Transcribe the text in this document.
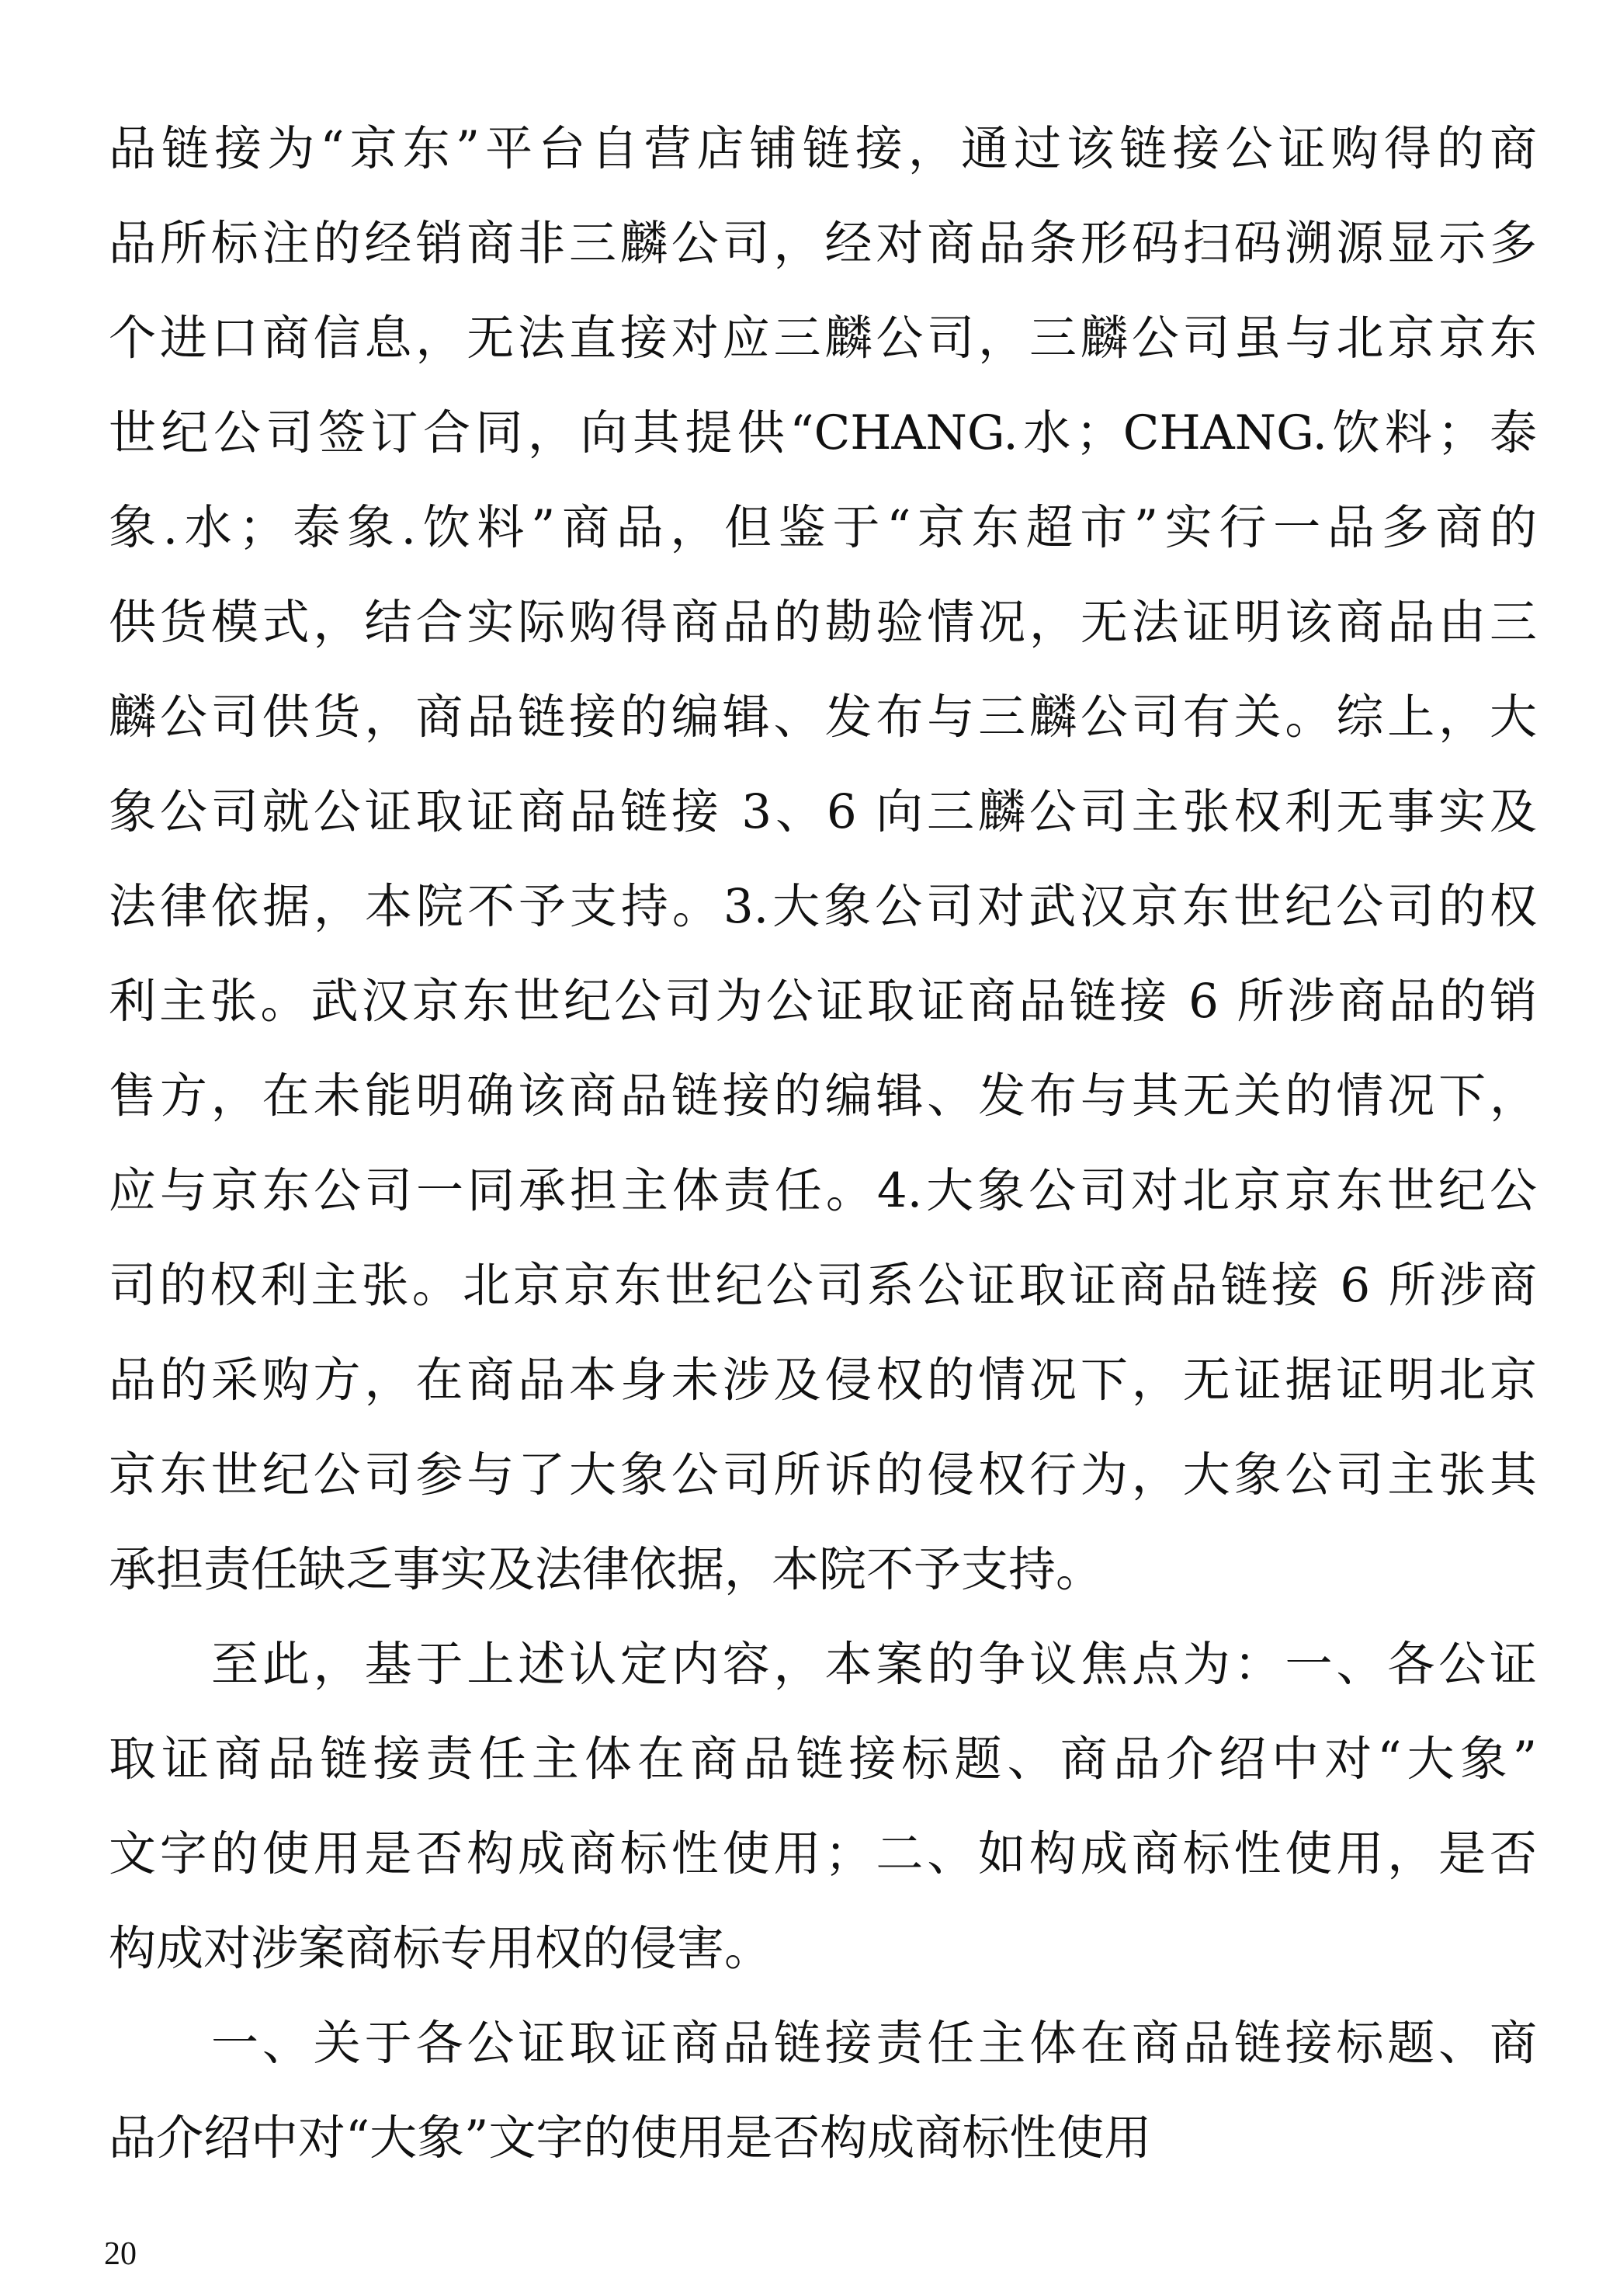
品链接为“京东”平台自营店铺链接，通过该链接公证购得的商
品所标注的经销商非三麟公司，经对商品条形码扫码溯源显示多
个进口商信息，无法直接对应三麟公司，三麟公司虽与北京京东
世纪公司签订合同，向其提供“CHANG.水；CHANG.饮料；泰
象.水；泰象.饮料”商品，但鉴于“京东超市”实行一品多商的
供货模式，结合实际购得商品的勘验情况，无法证明该商品由三
麟公司供货，商品链接的编辑、发布与三麟公司有关。综上，大
象公司就公证取证商品链接 3、6 向三麟公司主张权利无事实及
法律依据，本院不予支持。3.大象公司对武汉京东世纪公司的权
利主张。武汉京东世纪公司为公证取证商品链接 6 所涉商品的销
售方，在未能明确该商品链接的编辑、发布与其无关的情况下，
应与京东公司一同承担主体责任。4.大象公司对北京京东世纪公
司的权利主张。北京京东世纪公司系公证取证商品链接 6 所涉商
品的采购方，在商品本身未涉及侵权的情况下，无证据证明北京
京东世纪公司参与了大象公司所诉的侵权行为，大象公司主张其
承担责任缺乏事实及法律依据，本院不予支持。
至此，基于上述认定内容，本案的争议焦点为：一、各公证
取证商品链接责任主体在商品链接标题、商品介绍中对“大象”
文字的使用是否构成商标性使用；二、如构成商标性使用，是否
构成对涉案商标专用权的侵害。
一、关于各公证取证商品链接责任主体在商品链接标题、商
品介绍中对“大象”文字的使用是否构成商标性使用
20
